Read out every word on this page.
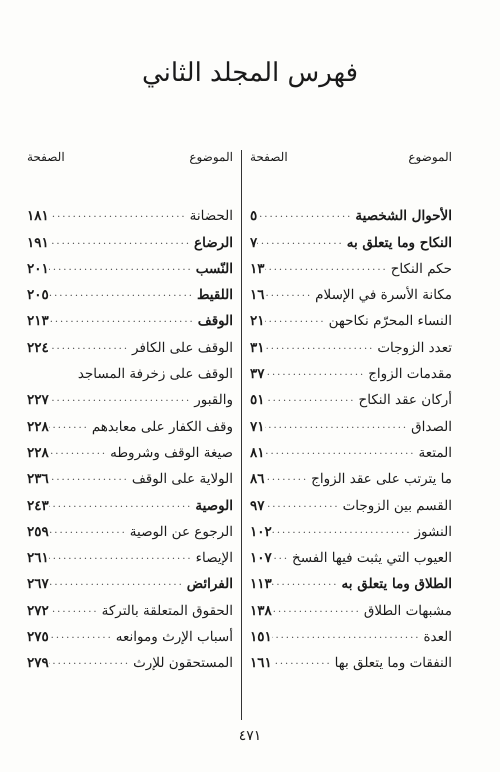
فهرس المجلد الثاني
الموضوع
الصفحة
الأحوال الشخصية
.....
٥
النكاح وما يتعلق به
.....
٧
حكم النكاح
.....
١٣
مكانة الأسرة في الإسلام
.....
١٦
النساء المحرّم نكاحهن
.....
٢١
تعدد الزوجات
.....
٣١
مقدمات الزواج
.....
٣٧
أركان عقد النكاح
.....
٥١
الصداق
.....
٧١
المتعة
.....
٨١
ما يترتب على عقد الزواج
.....
٨٦
القسم بين الزوجات
.....
٩٧
النشوز
.....
١٠٢
العيوب التي يثبت فيها الفسخ
.....
١٠٧
الطلاق وما يتعلق به
.....
١١٣
مشبهات الطلاق
.....
١٣٨
العدة
.....
١٥١
النفقات وما يتعلق بها
.....
١٦١
الموضوع
الصفحة
الحضانة
.....
١٨١
الرضاع
.....
١٩١
النّسب
.....
٢٠١
اللقيط
.....
٢٠٥
الوقف
.....
٢١٣
الوقف على الكافر
.....
٢٢٤
الوقف على زخرفة المساجد
والقبور
.....
٢٢٧
وقف الكفار على معابدهم
.....
٢٢٨
صيغة الوقف وشروطه
.....
٢٢٨
الولاية على الوقف
.....
٢٣٦
الوصية
.....
٢٤٣
الرجوع عن الوصية
.....
٢٥٩
الإيصاء
.....
٢٦١
الفرائض
.....
٢٦٧
الحقوق المتعلقة بالتركة
.....
٢٧٢
أسباب الإرث وموانعه
.....
٢٧٥
المستحقون للإرث
.....
٢٧٩
٤٧١
